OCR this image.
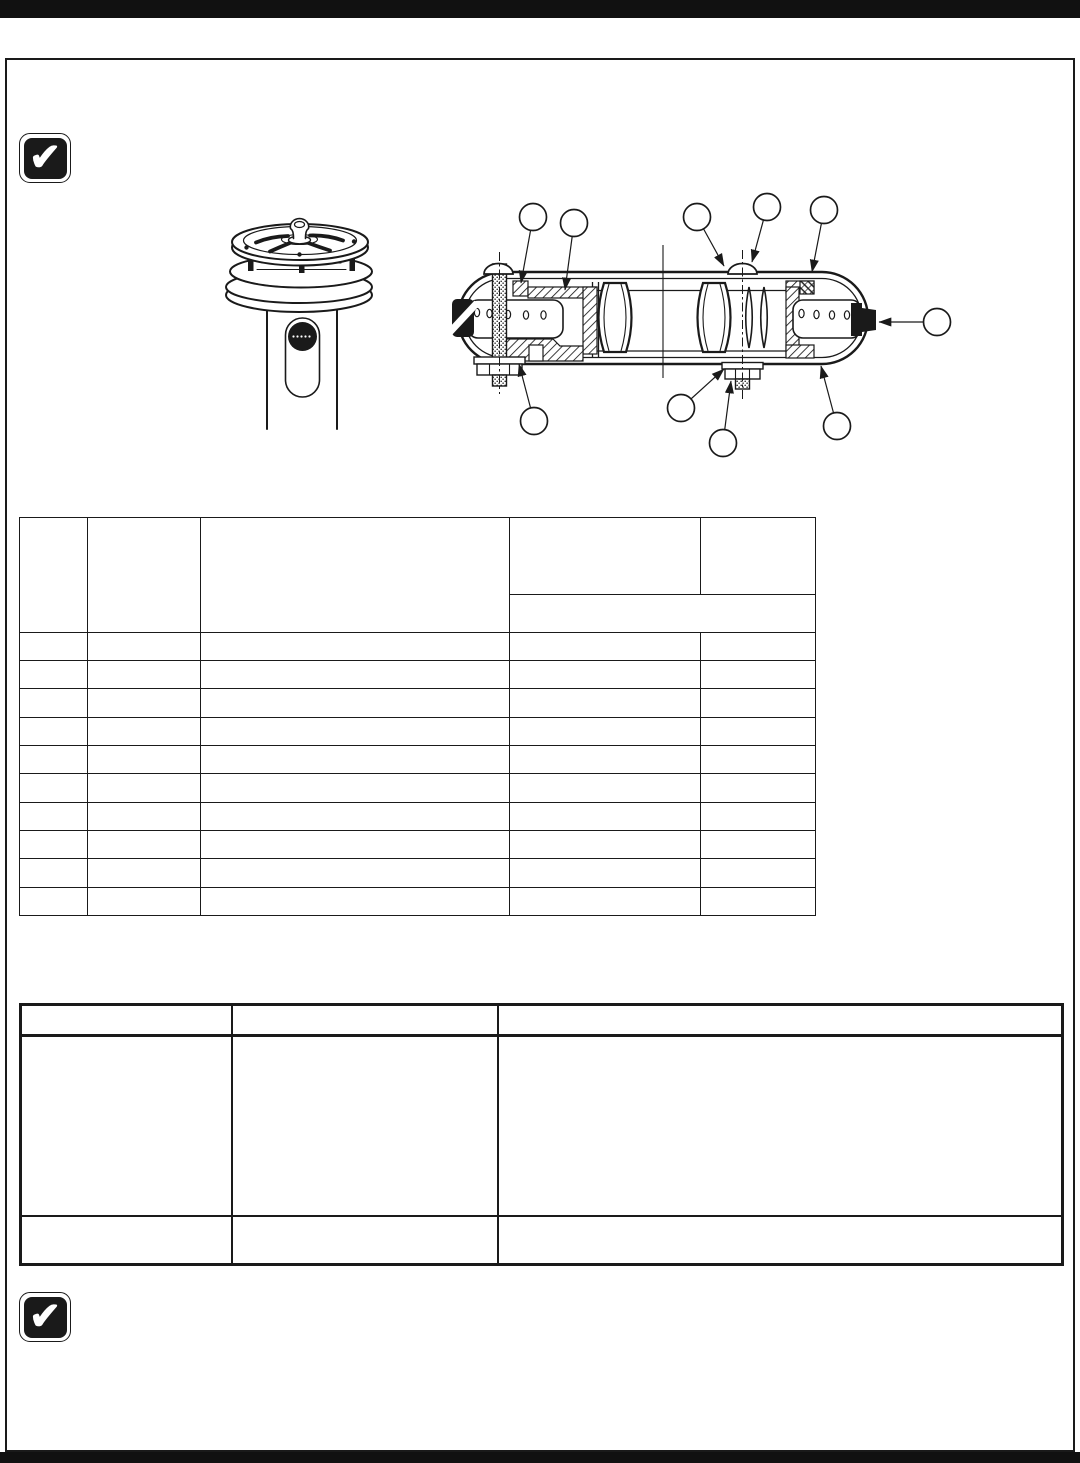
✔

✔
